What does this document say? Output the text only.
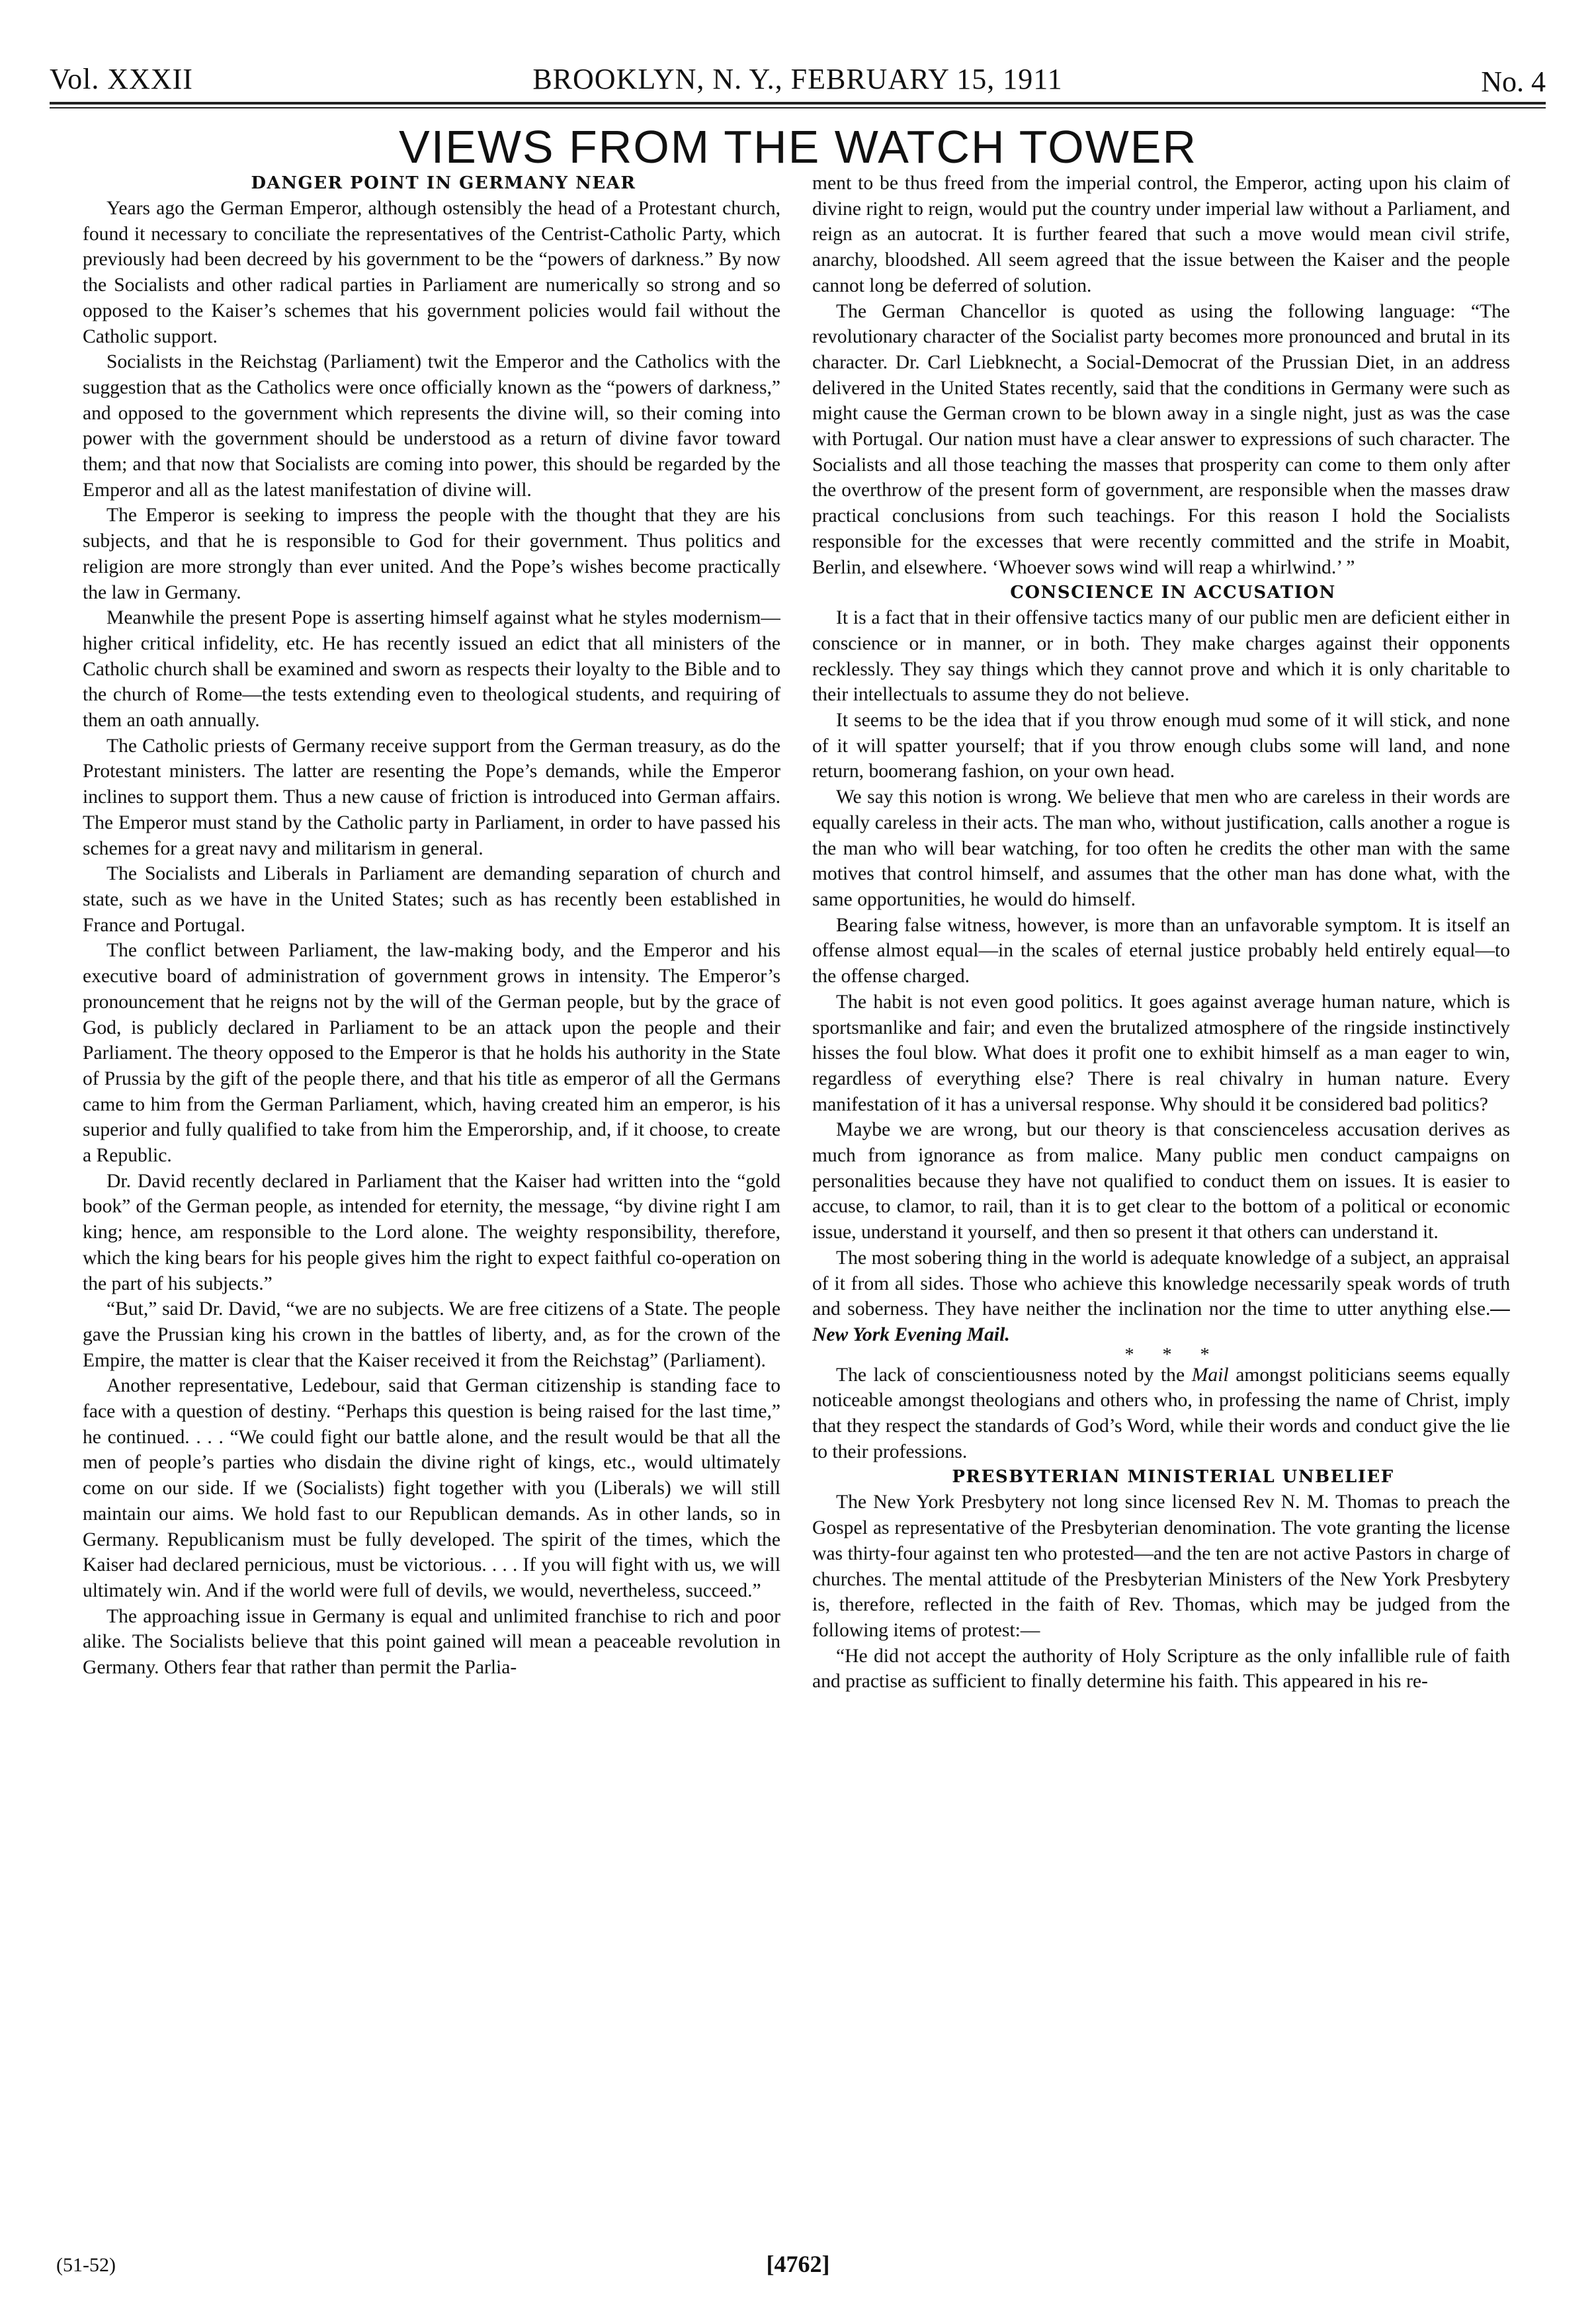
Vol. XXXII	BROOKLYN, N. Y., FEBRUARY 15, 1911	No. 4
VIEWS FROM THE WATCH TOWER

DANGER POINT IN GERMANY NEAR

Years ago the German Emperor, although ostensibly the head of a Protestant church, found it necessary to conciliate the representatives of the Centrist-Catholic Party, which previously had been decreed by his government to be the “powers of darkness.” By now the Socialists and other radical parties in Parliament are numerically so strong and so opposed to the Kaiser’s schemes that his government policies would fail without the Catholic support.

Socialists in the Reichstag (Parliament) twit the Emperor and the Catholics with the suggestion that as the Catholics were once officially known as the “powers of darkness,” and opposed to the government which represents the divine will, so their coming into power with the government should be understood as a return of divine favor toward them; and that now that Socialists are coming into power, this should be regarded by the Emperor and all as the latest manifestation of divine will.

The Emperor is seeking to impress the people with the thought that they are his subjects, and that he is responsible to God for their government. Thus politics and religion are more strongly than ever united. And the Pope’s wishes become practically the law in Germany.

Meanwhile the present Pope is asserting himself against what he styles modernism—higher critical infidelity, etc. He has recently issued an edict that all ministers of the Catholic church shall be examined and sworn as respects their loyalty to the Bible and to the church of Rome—the tests extending even to theological students, and requiring of them an oath annually.

The Catholic priests of Germany receive support from the German treasury, as do the Protestant ministers. The latter are resenting the Pope’s demands, while the Emperor inclines to support them. Thus a new cause of friction is introduced into German affairs. The Emperor must stand by the Catholic party in Parliament, in order to have passed his schemes for a great navy and militarism in general.

The Socialists and Liberals in Parliament are demanding separation of church and state, such as we have in the United States; such as has recently been established in France and Portugal.

The conflict between Parliament, the law-making body, and the Emperor and his executive board of administration of government grows in intensity. The Emperor’s pronouncement that he reigns not by the will of the German people, but by the grace of God, is publicly declared in Parliament to be an attack upon the people and their Parliament. The theory opposed to the Emperor is that he holds his authority in the State of Prussia by the gift of the people there, and that his title as emperor of all the Germans came to him from the German Parliament, which, having created him an emperor, is his superior and fully qualified to take from him the Emperorship, and, if it choose, to create a Republic.

Dr. David recently declared in Parliament that the Kaiser had written into the “gold book” of the German people, as intended for eternity, the message, “by divine right I am king; hence, am responsible to the Lord alone. The weighty responsibility, therefore, which the king bears for his people gives him the right to expect faithful co-operation on the part of his subjects.”

“But,” said Dr. David, “we are no subjects. We are free citizens of a State. The people gave the Prussian king his crown in the battles of liberty, and, as for the crown of the Empire, the matter is clear that the Kaiser received it from the Reichstag” (Parliament).

Another representative, Ledebour, said that German citizenship is standing face to face with a question of destiny. “Perhaps this question is being raised for the last time,” he continued. . . . “We could fight our battle alone, and the result would be that all the men of people’s parties who disdain the divine right of kings, etc., would ultimately come on our side. If we (Socialists) fight together with you (Liberals) we will still maintain our aims. We hold fast to our Republican demands. As in other lands, so in Germany. Republicanism must be fully developed. The spirit of the times, which the Kaiser had declared pernicious, must be victorious. . . . If you will fight with us, we will ultimately win. And if the world were full of devils, we would, nevertheless, succeed.”

The approaching issue in Germany is equal and unlimited franchise to rich and poor alike. The Socialists believe that this point gained will mean a peaceable revolution in Germany. Others fear that rather than permit the Parlia-

ment to be thus freed from the imperial control, the Emperor, acting upon his claim of divine right to reign, would put the country under imperial law without a Parliament, and reign as an autocrat. It is further feared that such a move would mean civil strife, anarchy, bloodshed. All seem agreed that the issue between the Kaiser and the people cannot long be deferred of solution.

The German Chancellor is quoted as using the following language: “The revolutionary character of the Socialist party becomes more pronounced and brutal in its character. Dr. Carl Liebknecht, a Social-Democrat of the Prussian Diet, in an address delivered in the United States recently, said that the conditions in Germany were such as might cause the German crown to be blown away in a single night, just as was the case with Portugal. Our nation must have a clear answer to expressions of such character. The Socialists and all those teaching the masses that prosperity can come to them only after the overthrow of the present form of government, are responsible when the masses draw practical conclusions from such teachings. For this reason I hold the Socialists responsible for the excesses that were recently committed and the strife in Moabit, Berlin, and elsewhere. ‘Whoever sows wind will reap a whirlwind.’ ”

CONSCIENCE IN ACCUSATION

It is a fact that in their offensive tactics many of our public men are deficient either in conscience or in manner, or in both. They make charges against their opponents recklessly. They say things which they cannot prove and which it is only charitable to their intellectuals to assume they do not believe.

It seems to be the idea that if you throw enough mud some of it will stick, and none of it will spatter yourself; that if you throw enough clubs some will land, and none return, boomerang fashion, on your own head.

We say this notion is wrong. We believe that men who are careless in their words are equally careless in their acts. The man who, without justification, calls another a rogue is the man who will bear watching, for too often he credits the other man with the same motives that control himself, and assumes that the other man has done what, with the same opportunities, he would do himself.

Bearing false witness, however, is more than an unfavorable symptom. It is itself an offense almost equal—in the scales of eternal justice probably held entirely equal—to the offense charged.

The habit is not even good politics. It goes against average human nature, which is sportsmanlike and fair; and even the brutalized atmosphere of the ringside instinctively hisses the foul blow. What does it profit one to exhibit himself as a man eager to win, regardless of everything else? There is real chivalry in human nature. Every manifestation of it has a universal response. Why should it be considered bad politics?

Maybe we are wrong, but our theory is that conscienceless accusation derives as much from ignorance as from malice. Many public men conduct campaigns on personalities because they have not qualified to conduct them on issues. It is easier to accuse, to clamor, to rail, than it is to get clear to the bottom of a political or economic issue, understand it yourself, and then so present it that others can understand it.

The most sobering thing in the world is adequate knowledge of a subject, an appraisal of it from all sides. Those who achieve this knowledge necessarily speak words of truth and soberness. They have neither the inclination nor the time to utter anything else.—New York Evening Mail.

* * *

The lack of conscientiousness noted by the Mail amongst politicians seems equally noticeable amongst theologians and others who, in professing the name of Christ, imply that they respect the standards of God’s Word, while their words and conduct give the lie to their professions.

PRESBYTERIAN MINISTERIAL UNBELIEF

The New York Presbytery not long since licensed Rev N. M. Thomas to preach the Gospel as representative of the Presbyterian denomination. The vote granting the license was thirty-four against ten who protested—and the ten are not active Pastors in charge of churches. The mental attitude of the Presbyterian Ministers of the New York Presbytery is, therefore, reflected in the faith of Rev. Thomas, which may be judged from the following items of protest:—

“He did not accept the authority of Holy Scripture as the only infallible rule of faith and practise as sufficient to finally determine his faith. This appeared in his re-

(51-52)	[4762]
